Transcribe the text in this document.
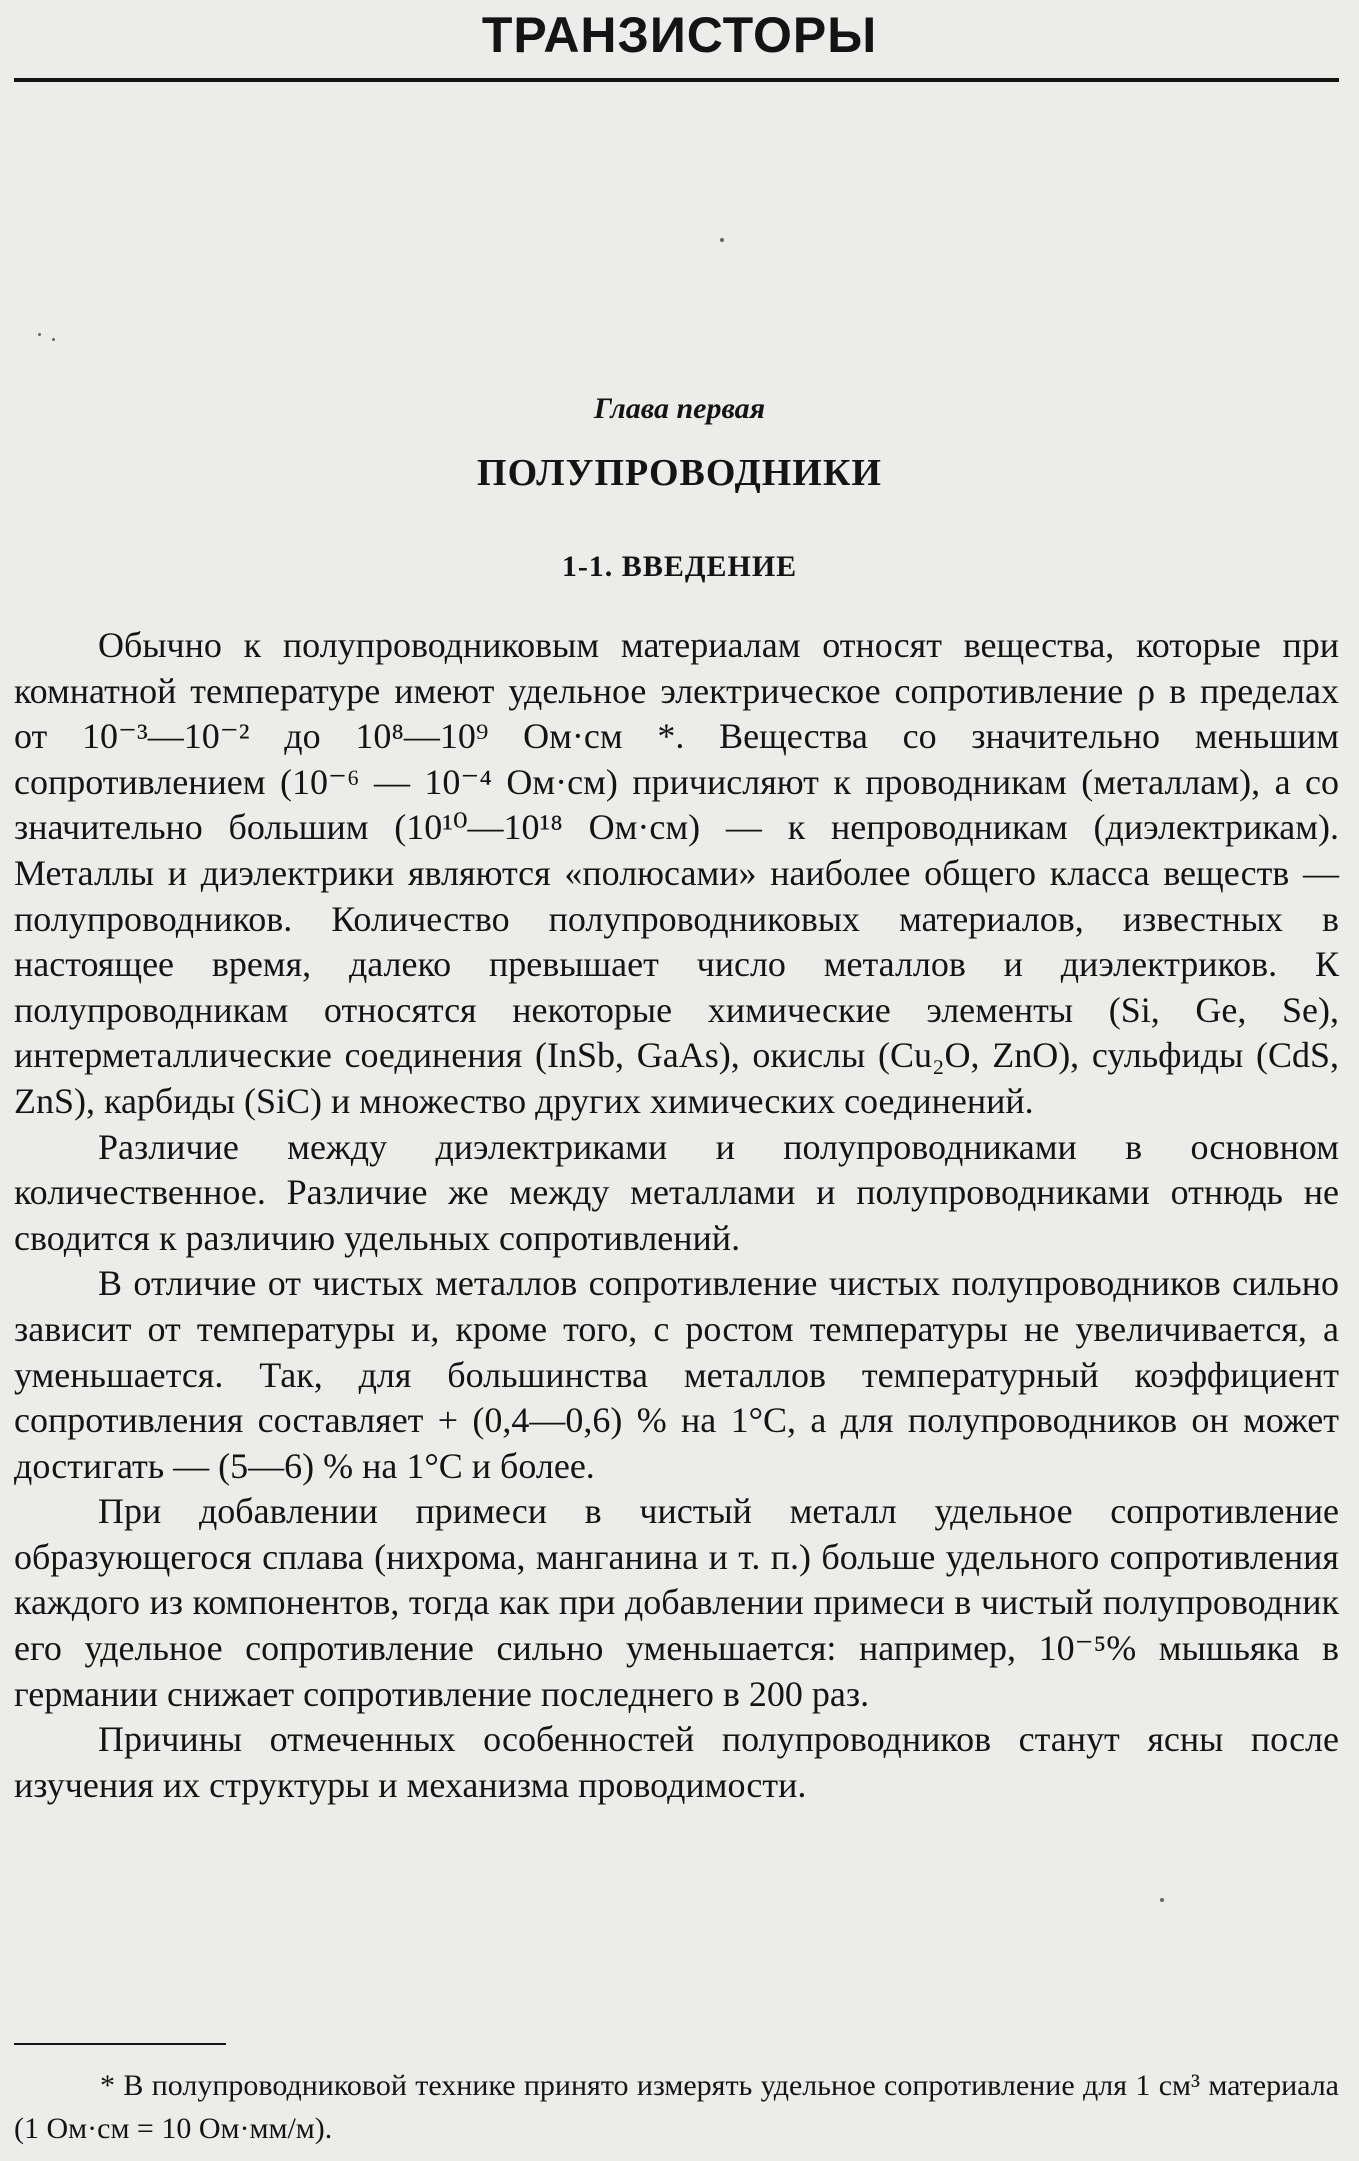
ТРАНЗИСТОРЫ
Глава первая
ПОЛУПРОВОДНИКИ
1-1. ВВЕДЕНИЕ

Обычно к полупроводниковым материалам относят вещества, которые при комнатной температуре имеют удельное электрическое сопротивление ρ в пределах от 10⁻³—10⁻² до 10⁸—10⁹ Ом·см *. Вещества со значительно меньшим сопротивлением (10⁻⁶ — 10⁻⁴ Ом·см) причисляют к проводникам (металлам), а со значительно большим (10¹⁰—10¹⁸ Ом·см) — к непроводникам (диэлектрикам). Металлы и диэлектрики являются «полюсами» наиболее общего класса веществ — полупроводников. Количество полупроводниковых материалов, известных в настоящее время, далеко превышает число металлов и диэлектриков. К полупроводникам относятся некоторые химические элементы (Si, Ge, Se), интерметаллические соединения (InSb, GaAs), окислы (Cu₂O, ZnO), сульфиды (CdS, ZnS), карбиды (SiC) и множество других химических соединений.

Различие между диэлектриками и полупроводниками в основном количественное. Различие же между металлами и полупроводниками отнюдь не сводится к различию удельных сопротивлений.

В отличие от чистых металлов сопротивление чистых полупроводников сильно зависит от температуры и, кроме того, с ростом температуры не увеличивается, а уменьшается. Так, для большинства металлов температурный коэффициент сопротивления составляет + (0,4—0,6) % на 1°C, а для полупроводников он может достигать — (5—6) % на 1°C и более.

При добавлении примеси в чистый металл удельное сопротивление образующегося сплава (нихрома, манганина и т. п.) больше удельного сопротивления каждого из компонентов, тогда как при добавлении примеси в чистый полупроводник его удельное сопротивление сильно уменьшается: например, 10⁻⁵% мышьяка в германии снижает сопротивление последнего в 200 раз.

Причины отмеченных особенностей полупроводников станут ясны после изучения их структуры и механизма проводимости.

* В полупроводниковой технике принято измерять удельное сопротивление для 1 см³ материала (1 Ом·см = 10 Ом·мм/м).
